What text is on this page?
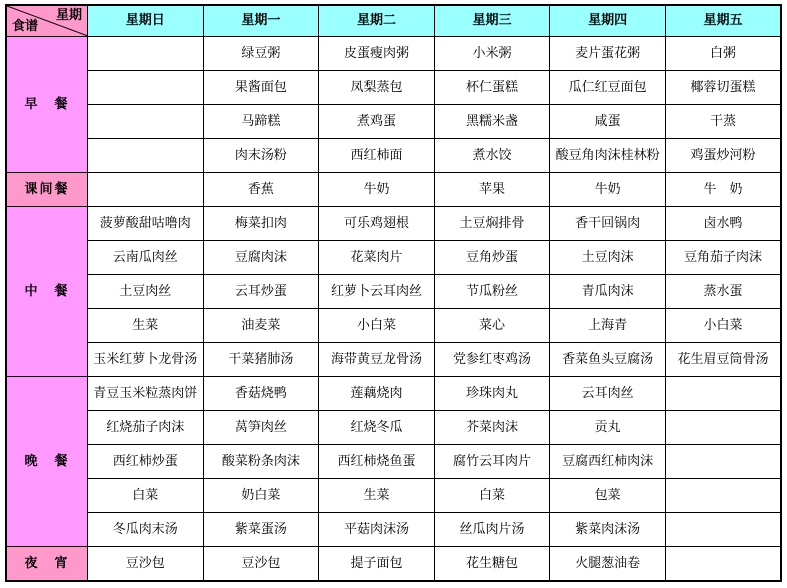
星期
食谱	星期日	星期一	星期二	星期三	星期四	星期五
早　餐		绿豆粥	皮蛋瘦肉粥	小米粥	麦片蛋花粥	白粥
		果酱面包	凤梨蒸包	杯仁蛋糕	瓜仁红豆面包	椰蓉切蛋糕
		马蹄糕	煮鸡蛋	黑糯米盏	咸蛋	干蒸
		肉末汤粉	西红柿面	煮水饺	酸豆角肉沫桂林粉	鸡蛋炒河粉
课间餐		香蕉	牛奶	苹果	牛奶	牛　奶
中　餐	菠萝酸甜咕噜肉	梅菜扣肉	可乐鸡翅根	土豆焖排骨	香干回锅肉	卤水鸭
	云南瓜肉丝	豆腐肉沫	花菜肉片	豆角炒蛋	土豆肉沫	豆角茄子肉沫
	土豆肉丝	云耳炒蛋	红萝卜云耳肉丝	节瓜粉丝	青瓜肉沫	蒸水蛋
	生菜	油麦菜	小白菜	菜心	上海青	小白菜
	玉米红萝卜龙骨汤	干菜猪肺汤	海带黄豆龙骨汤	党参红枣鸡汤	香菜鱼头豆腐汤	花生眉豆筒骨汤
晚　餐	青豆玉米粒蒸肉饼	香菇烧鸭	莲藕烧肉	珍珠肉丸	云耳肉丝	
	红烧茄子肉沫	莴笋肉丝	红烧冬瓜	芥菜肉沫	贡丸	
	西红柿炒蛋	酸菜粉条肉沫	西红柿烧鱼蛋	腐竹云耳肉片	豆腐西红柿肉沫	
	白菜	奶白菜	生菜	白菜	包菜	
	冬瓜肉末汤	紫菜蛋汤	平菇肉沫汤	丝瓜肉片汤	紫菜肉沫汤	
夜　宵	豆沙包	豆沙包	提子面包	花生糖包	火腿葱油卷	
